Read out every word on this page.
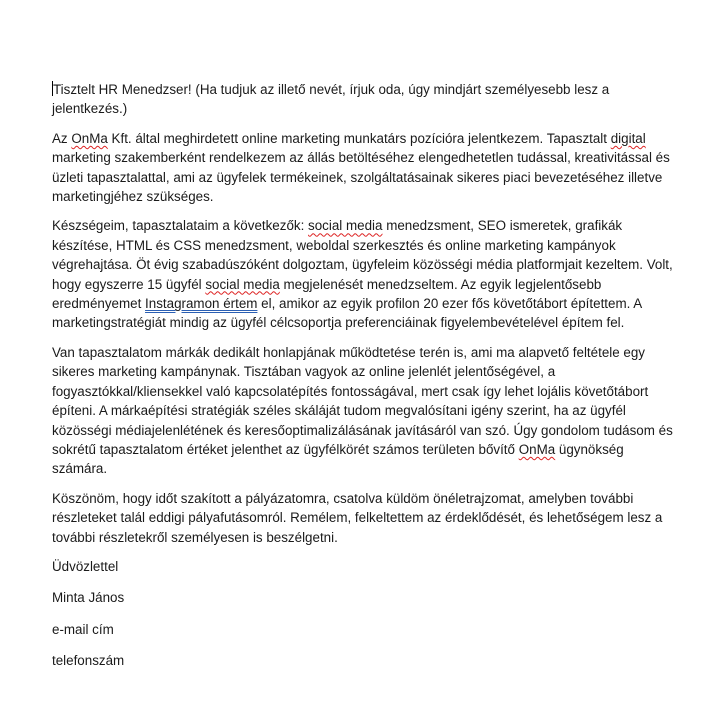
Tisztelt HR Menedzser! (Ha tudjuk az illető nevét, írjuk oda, úgy mindjárt személyesebb lesz a jelentkezés.)

Az OnMa Kft. által meghirdetett online marketing munkatárs pozícióra jelentkezem. Tapasztalt digital marketing szakemberként rendelkezem az állás betöltéséhez elengedhetetlen tudással, kreativitással és üzleti tapasztalattal, ami az ügyfelek termékeinek, szolgáltatásainak sikeres piaci bevezetéséhez illetve marketingjéhez szükséges.

Készségeim, tapasztalataim a következők: social media menedzsment, SEO ismeretek, grafikák készítése, HTML és CSS menedzsment, weboldal szerkesztés és online marketing kampányok végrehajtása. Öt évig szabadúszóként dolgoztam, ügyfeleim közösségi média platformjait kezeltem. Volt, hogy egyszerre 15 ügyfél social media megjelenését menedzseltem. Az egyik legjelentősebb eredményemet Instagramon értem el, amikor az egyik profilon 20 ezer fős követőtábort építettem. A marketingstratégiát mindig az ügyfél célcsoportja preferenciáinak figyelembevételével építem fel.

Van tapasztalatom márkák dedikált honlapjának működtetése terén is, ami ma alapvető feltétele egy sikeres marketing kampánynak. Tisztában vagyok az online jelenlét jelentőségével, a fogyasztókkal/kliensekkel való kapcsolatépítés fontosságával, mert csak így lehet lojális követőtábort építeni. A márkaépítési stratégiák széles skáláját tudom megvalósítani igény szerint, ha az ügyfél közösségi médiajelenlétének és keresőoptimalizálásának javításáról van szó. Úgy gondolom tudásom és sokrétű tapasztalatom értéket jelenthet az ügyfélkörét számos területen bővítő OnMa ügynökség számára.

Köszönöm, hogy időt szakított a pályázatomra, csatolva küldöm önéletrajzomat, amelyben további részleteket talál eddigi pályafutásomról. Remélem, felkeltettem az érdeklődését, és lehetőségem lesz a további részletekről személyesen is beszélgetni.

Üdvözlettel

Minta János

e-mail cím

telefonszám
